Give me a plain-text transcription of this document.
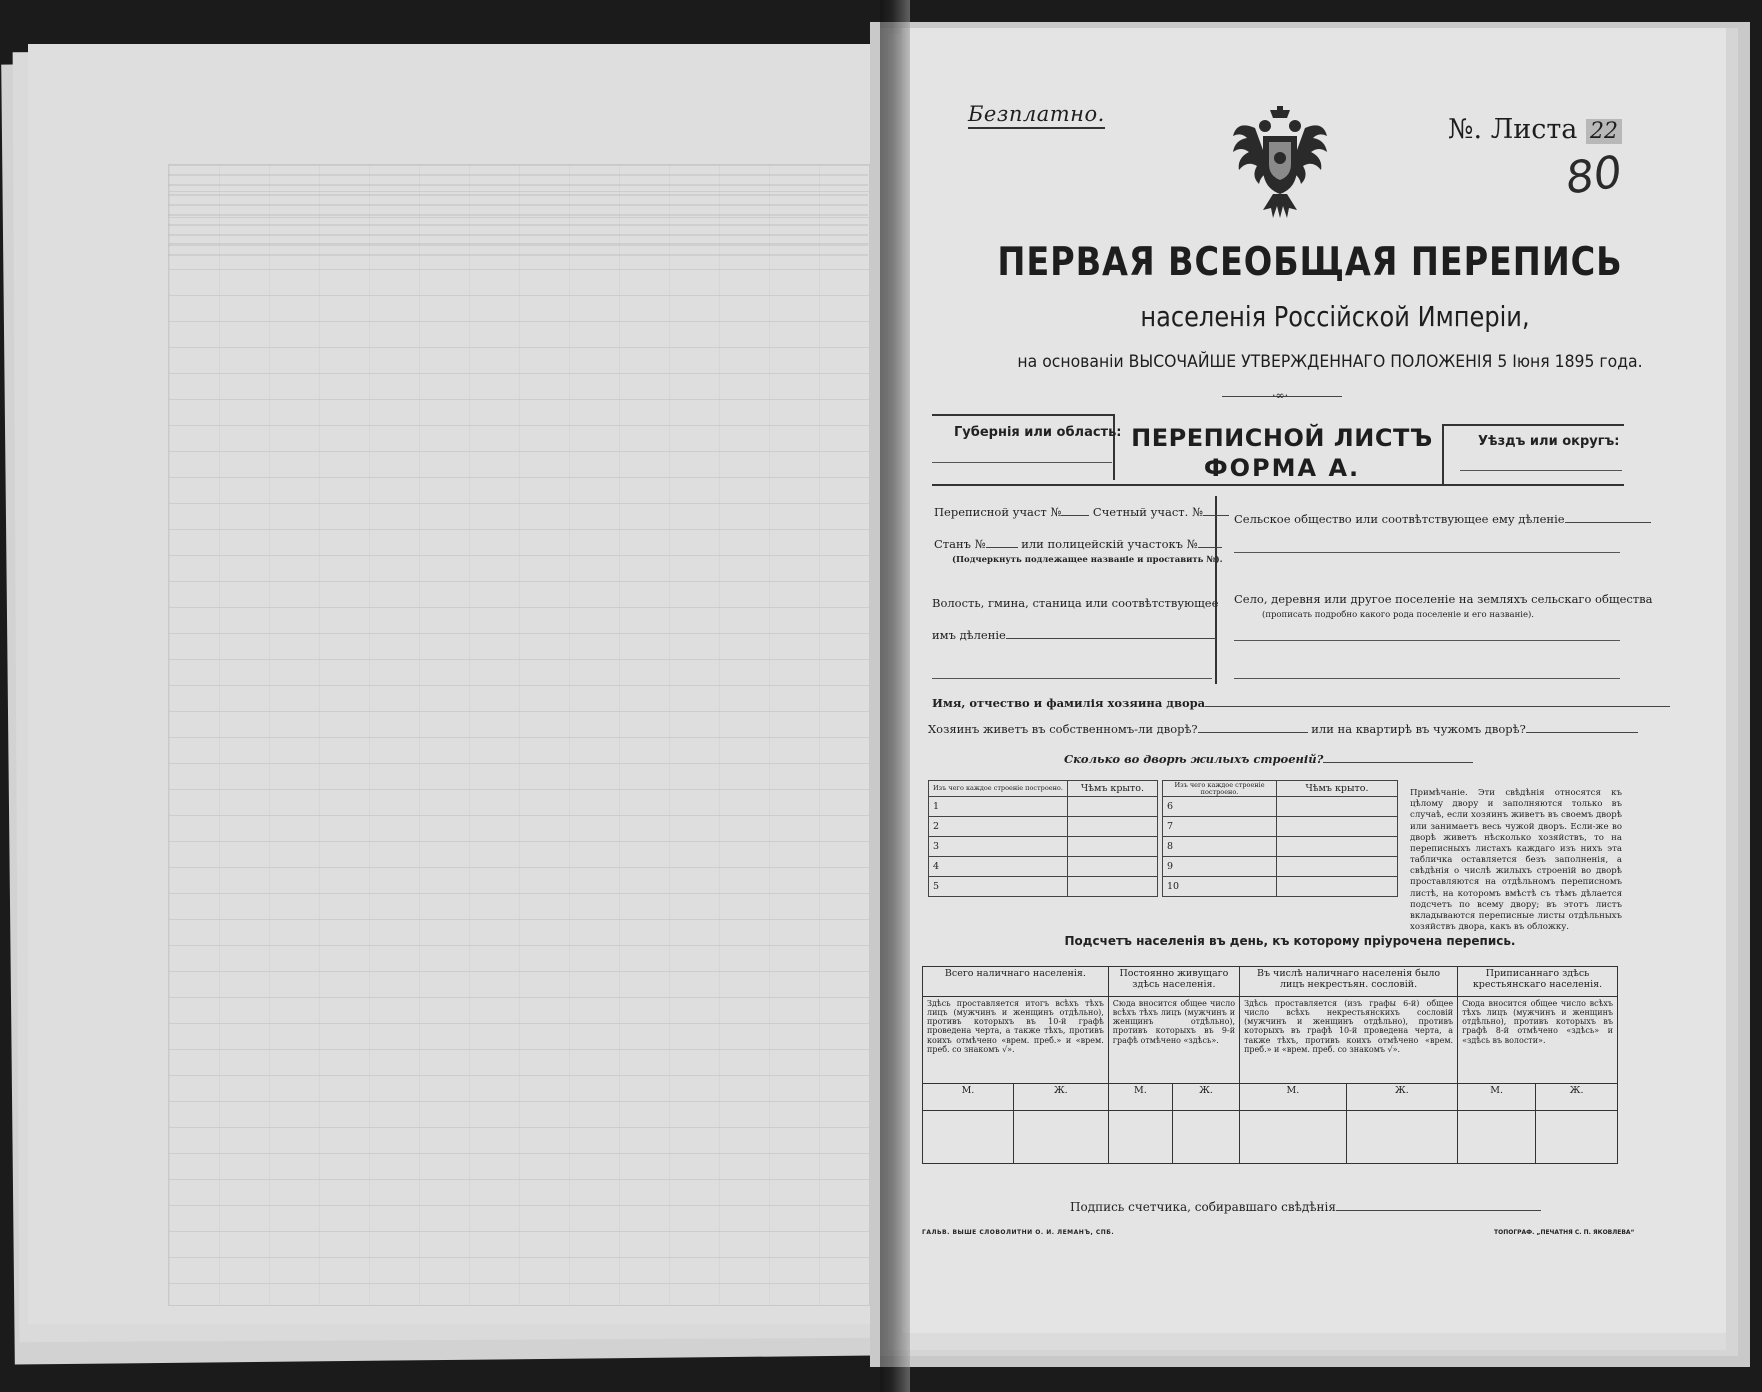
Безплатно.	№. Листа 22
80
ПЕРВАЯ ВСЕОБЩАЯ ПЕРЕПИСЬ
населенія Россійской Имперіи,
на основаніи ВЫСОЧАЙШЕ УТВЕРЖДЕННАГО ПОЛОЖЕНІЯ 5 Іюня 1895 года.
·∞·
Губернія или область: ПЕРЕПИСНОЙ ЛИСТЪ
ФОРМА А.
Уѣздъ или округъ:
Переписной участ №	Счетный участ. №
Станъ №	или полицейскій участокъ №
(Подчеркнуть подлежащее названіе и проставить №).
Волость, гмина, станица или соотвѣтствующее
имъ дѣленіе
Сельское общество или соотвѣтствующее ему дѣленіе
Село, деревня или другое поселеніе на земляхъ сельскаго общества
(прописать подробно какого рода поселеніе и его названіе).
Имя, отчество и фамилія хозяина двора
Хозяинъ живетъ въ собственномъ-ли дворѣ?	или на квартирѣ въ чужомъ дворѣ?
Сколько во дворѣ жилыхъ строеній?
Изъ чего каждое строеніе построено.	Чѣмъ крыто.
1	
2	
3	
4	
5	
Изъ чего каждое строеніе построено.	Чѣмъ крыто.
6	
7	
8	
9	
10	
Примѣчаніе. Эти свѣдѣнія относятся къ цѣлому двору и заполняются только въ случаѣ, если хозяинъ живетъ въ своемъ дворѣ или занимаетъ весь чужой дворъ. Если-же во дворѣ живетъ нѣсколько хозяйствъ, то на переписныхъ листахъ каждаго изъ нихъ эта табличка оставляется безъ заполненія, а свѣдѣнія о числѣ жилыхъ строеній во дворѣ проставляются на отдѣльномъ переписномъ листѣ, на которомъ вмѣстѣ съ тѣмъ дѣлается подсчетъ по всему двору; въ этотъ листъ вкладываются переписные листы отдѣльныхъ хозяйствъ двора, какъ въ обложку.
Подсчетъ населенія въ день, къ которому пріурочена перепись.
Всего наличнаго населенія.		Постоянно живущаго здѣсь населенія.		Въ числѣ наличнаго населенія было лицъ некрестьян. сословій.		Приписаннаго здѣсь крестьянскаго населенія.	
Здѣсь проставляется итогъ всѣхъ тѣхъ лицъ (мужчинъ и женщинъ отдѣльно), противъ которыхъ въ 10-й графѣ проведена черта, а также тѣхъ, противъ коихъ отмѣчено «врем. преб.» и «врем. преб. со знакомъ √».		Сюда вносится общее число всѣхъ тѣхъ лицъ (мужчинъ и женщинъ отдѣльно), противъ которыхъ въ 9-й графѣ отмѣчено «здѣсь».		Здѣсь проставляется (изъ графы 6-й) общее число всѣхъ некрестьянскихъ сословій (мужчинъ и женщинъ отдѣльно), противъ которыхъ въ графѣ 10-й проведена черта, а также тѣхъ, противъ коихъ отмѣчено «врем. преб.» и «врем. преб. со знакомъ √».		Сюда вносится общее число всѣхъ тѣхъ лицъ (мужчинъ и женщинъ отдѣльно), противъ которыхъ въ графѣ 8-й отмѣчено «здѣсь» и «здѣсь въ волости».	
М.	Ж.	М.	Ж.	М.	Ж.	М.	Ж.

Подпись счетчика, собиравшаго свѣдѣнія
ГАЛЬВ. ВЫШЕ СЛОВОЛИТНИ О. И. ЛЕМАНЪ, СПБ.	ТОПОГРАФ. „ПЕЧАТНЯ С. П. ЯКОВЛЕВА“
